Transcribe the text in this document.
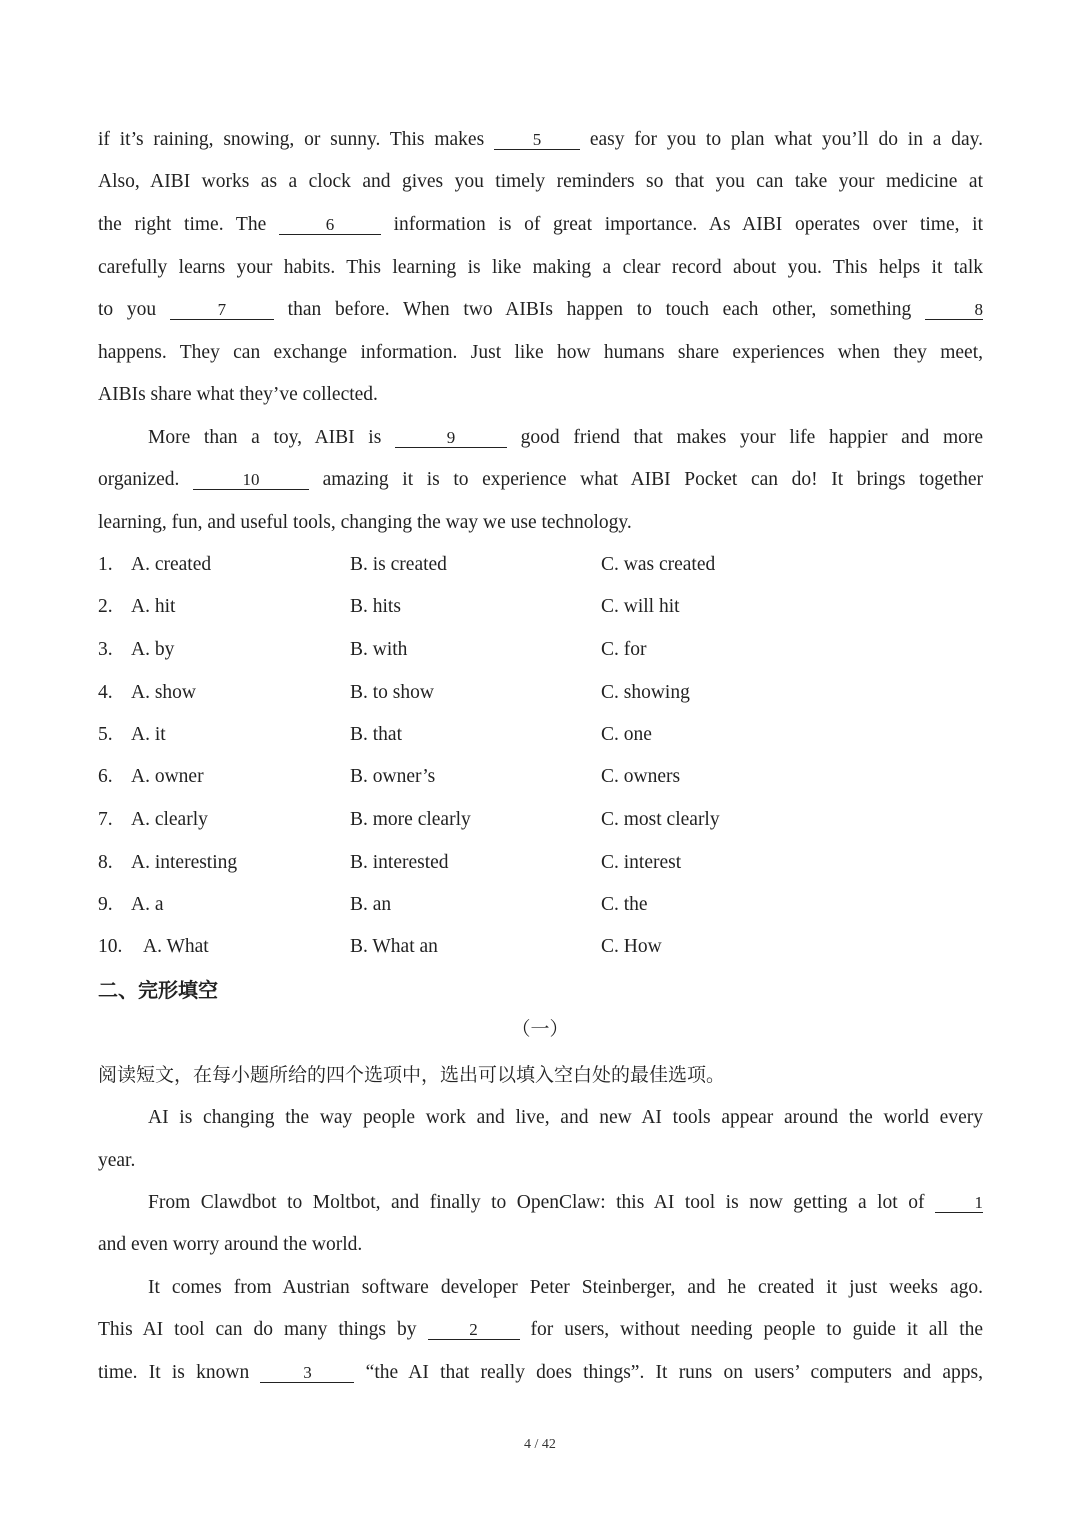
if it’s raining, snowing, or sunny. This makes	5 easy for you to plan what you’ll do in a day.
Also, AIBI works as a clock and gives you timely reminders so that you can take your medicine at
the right time. The	6	information is of great importance. As AIBI operates over time, it
carefully learns your habits. This learning is like making a clear record about you. This helps it talk
to you	7	than before. When two AIBIs happen to touch each other, something	8
happens. They can exchange information. Just like how humans share experiences when they meet,
AIBIs share what they’ve collected.
More than a toy, AIBI is	9	good friend that makes your life happier and more
organized.	10	amazing it is to experience what AIBI Pocket can do! It brings together
learning, fun, and useful tools, changing the way we use technology.
1. A. created	B. is created	C. was created
2. A. hit	B. hits	C. will hit
3. A. by	B. with	C. for
4. A. show	B. to show	C. showing
5. A. it	B. that	C. one
6. A. owner	B. owner’s	C. owners
7. A. clearly	B. more clearly	C. most clearly
8. A. interesting	B. interested	C. interest
9. A. a	B. an	C. the
10. A. What	B. What an	C. How
二、完形填空
（一）
阅读短文，在每小题所给的四个选项中，选出可以填入空白处的最佳选项。
AI is changing the way people work and live, and new AI tools appear around the world every
year.
From Clawdbot to Moltbot, and finally to OpenClaw: this AI tool is now getting a lot of	1
and even worry around the world.
It comes from Austrian software developer Peter Steinberger, and he created it just weeks ago.
This AI tool can do many things by	2	for users, without needing people to guide it all the
time. It is known	3	“the AI that really does things”. It runs on users’ computers and apps,
4 / 42
